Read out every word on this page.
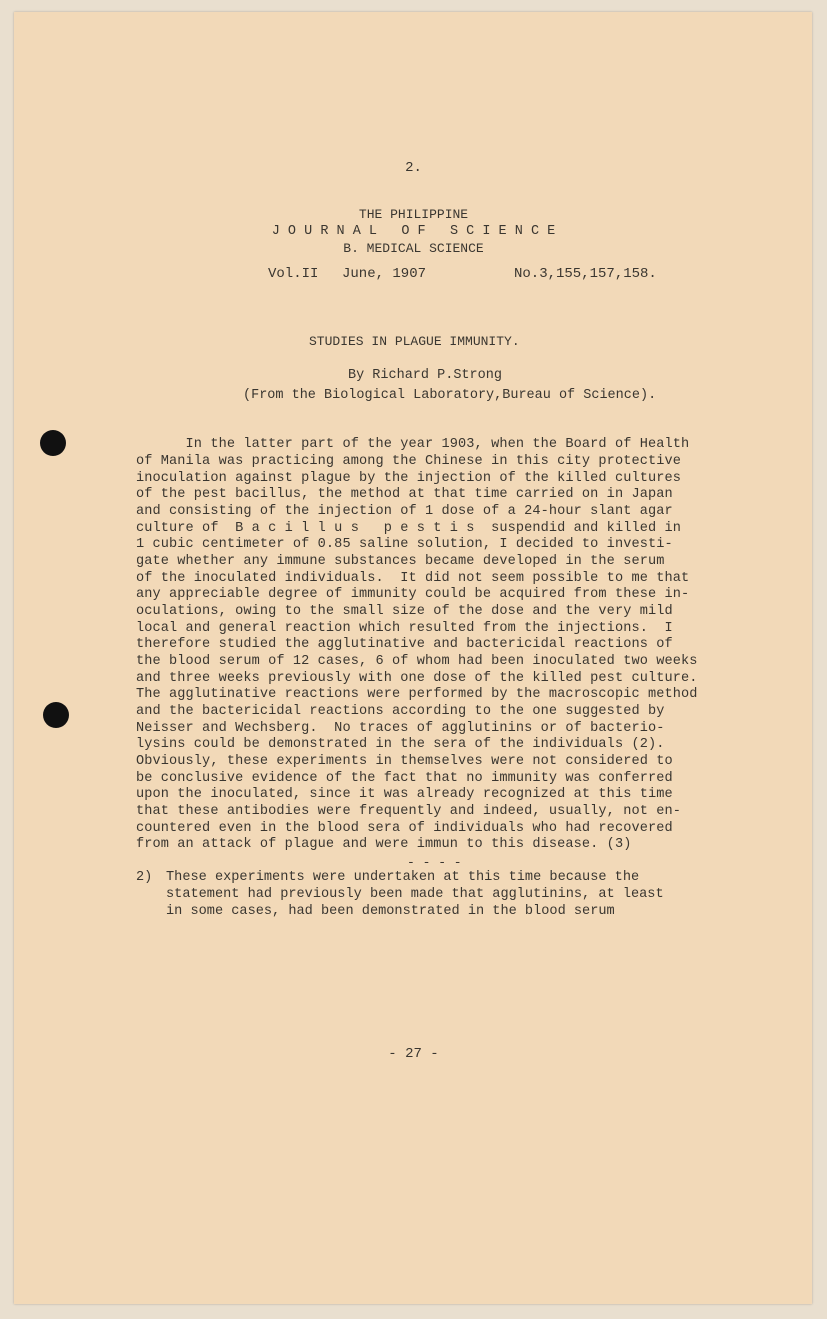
2.
THE PHILIPPINE
J O U R N A L   O F   S C I E N C E
B. MEDICAL SCIENCE
Vol.II June, 1907	No.3,155,157,158.
STUDIES IN PLAGUE IMMUNITY.
By Richard P.Strong
(From the Biological Laboratory,Bureau of Science).
In the latter part of the year 1903, when the Board of Health
of Manila was practicing among the Chinese in this city protective
inoculation against plague by the injection of the killed cultures
of the pest bacillus, the method at that time carried on in Japan
and consisting of the injection of 1 dose of a 24-hour slant agar
culture of  B a c i l l u s   p e s t i s  suspendid and killed in
1 cubic centimeter of 0.85 saline solution, I decided to investi-
gate whether any immune substances became developed in the serum
of the inoculated individuals.  It did not seem possible to me that
any appreciable degree of immunity could be acquired from these in-
oculations, owing to the small size of the dose and the very mild
local and general reaction which resulted from the injections.  I
therefore studied the agglutinative and bactericidal reactions of
the blood serum of 12 cases, 6 of whom had been inoculated two weeks
and three weeks previously with one dose of the killed pest culture.
The agglutinative reactions were performed by the macroscopic method
and the bactericidal reactions according to the one suggested by
Neisser and Wechsberg.  No traces of agglutinins or of bacterio-
lysins could be demonstrated in the sera of the individuals (2).
Obviously, these experiments in themselves were not considered to
be conclusive evidence of the fact that no immunity was conferred
upon the inoculated, since it was already recognized at this time
that these antibodies were frequently and indeed, usually, not en-
countered even in the blood sera of individuals who had recovered
from an attack of plague and were immun to this disease. (3)
- - - -
2) These experiments were undertaken at this time because the
statement had previously been made that agglutinins, at least
in some cases, had been demonstrated in the blood serum
- 27 -
